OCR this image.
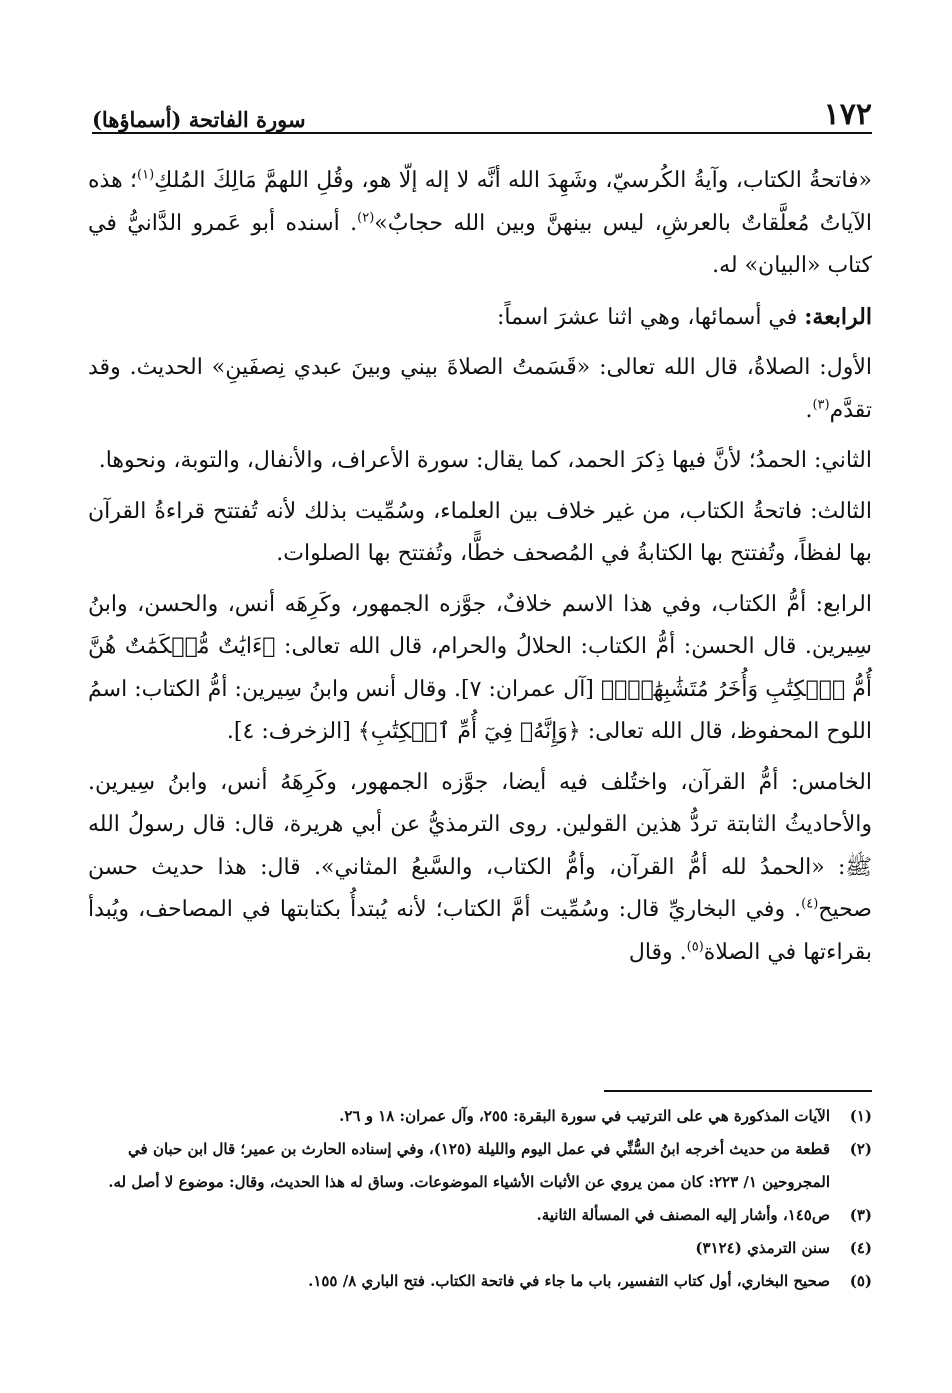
١٧٢
سورة الفاتحة (أسماؤها)

«فاتحةُ الكتاب، وآيةُ الكُرسيّ، وشَهِدَ الله أنَّه لا إله إلّا هو، وقُلِ اللهمَّ مَالِكَ المُلكِ$^{(١)}$؛ هذه الآياتُ مُعلَّقاتٌ بالعرشِ، ليس بينهنَّ وبين الله حجابٌ»$^{(٢)}$. أسنده أبو عَمرو الدَّانيُّ في كتاب «البيان» له.

الرابعة: في أسمائها، وهي اثنا عشرَ اسماً:

الأول: الصلاةُ، قال الله تعالى: «قَسَمتُ الصلاةَ بيني وبينَ عبدي نِصفَينِ» الحديث. وقد تقدَّم$^{(٣)}$.

الثاني: الحمدُ؛ لأنَّ فيها ذِكرَ الحمد، كما يقال: سورة الأعراف، والأنفال، والتوبة، ونحوها.

الثالث: فاتحةُ الكتاب، من غير خلاف بين العلماء، وسُمِّيت بذلك لأنه تُفتتح قراءةُ القرآن بها لفظاً، وتُفتتح بها الكتابةُ في المُصحف خطًّا، وتُفتتح بها الصلوات.

الرابع: أمُّ الكتاب، وفي هذا الاسم خلافٌ، جوَّزه الجمهور، وكَرِهَه أنس، والحسن، وابنُ سِيرين. قال الحسن: أمُّ الكتاب: الحلالُ والحرام، قال الله تعالى: ﴿ءَايَٰتٌ مُّحۡكَمَٰتٌ هُنَّ أُمُّ ٱلۡكِتَٰبِ وَأُخَرُ مُتَشَٰبِهَٰتٌۖ﴾ [آل عمران: ٧]. وقال أنس وابنُ سِيرين: أمُّ الكتاب: اسمُ اللوح المحفوظ، قال الله تعالى: ﴿وَإِنَّهُۥ فِيٓ أُمِّ ٱلۡكِتَٰبِ﴾ [الزخرف: ٤].

الخامس: أمُّ القرآن، واختُلف فيه أيضا، جوَّزه الجمهور، وكَرِهَهُ أنس، وابنُ سِيرين. والأحاديثُ الثابتة تردُّ هذين القولين. روى الترمذيُّ عن أبي هريرة، قال: قال رسولُ الله ﷺ: «الحمدُ لله أمُّ القرآن، وأمُّ الكتاب، والسَّبعُ المثاني». قال: هذا حديث حسن صحيح$^{(٤)}$. وفي البخاريِّ قال: وسُمِّيت أمَّ الكتاب؛ لأنه يُبتدأُ بكتابتها في المصاحف، ويُبدأ بقراءتها في الصلاة$^{(٥)}$. وقال

(١)
الآيات المذكورة هي على الترتيب في سورة البقرة: ٢٥٥، وآل عمران: ١٨ و ٢٦.
(٢)
قطعة من حديث أخرجه ابنُ السُّنِّي في عمل اليوم والليلة (١٢٥)، وفي إسناده الحارث بن عمير؛ قال ابن حبان في المجروحين ١/ ٢٢٣: كان ممن يروي عن الأثبات الأشياء الموضوعات. وساق له هذا الحديث، وقال: موضوع لا أصل له.
(٣)
ص١٤٥، وأشار إليه المصنف في المسألة الثانية.
(٤)
سنن الترمذي (٣١٢٤)
(٥)
صحيح البخاري، أول كتاب التفسير، باب ما جاء في فاتحة الكتاب. فتح الباري ٨/ ١٥٥.
